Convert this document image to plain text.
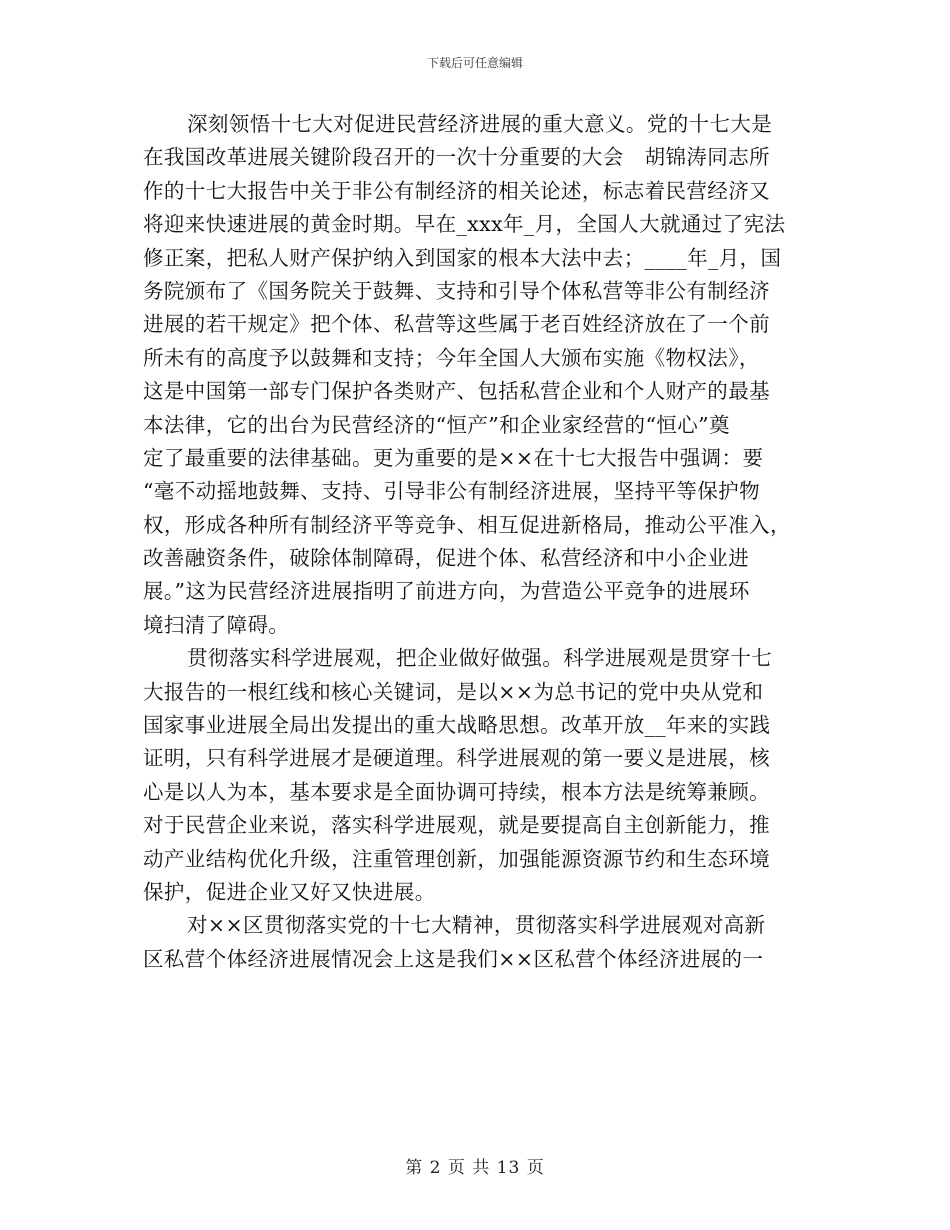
下载后可任意编辑
深刻领悟十七大对促进民营经济进展的重大意义。党的十七大是
在我国改革进展关键阶段召开的一次十分重要的大会　胡锦涛同志所
作的十七大报告中关于非公有制经济的相关论述，标志着民营经济又
将迎来快速进展的黄金时期。早在_xxx年_月，全国人大就通过了宪法
修正案，把私人财产保护纳入到国家的根本大法中去；____年_月，国
务院颁布了《国务院关于鼓舞、支持和引导个体私营等非公有制经济
进展的若干规定》把个体、私营等这些属于老百姓经济放在了一个前
所未有的高度予以鼓舞和支持；今年全国人大颁布实施《物权法》，
这是中国第一部专门保护各类财产、包括私营企业和个人财产的最基
本法律，它的出台为民营经济的“恒产”和企业家经营的“恒心”奠
定了最重要的法律基础。更为重要的是××在十七大报告中强调：要
“毫不动摇地鼓舞、支持、引导非公有制经济进展，坚持平等保护物
权，形成各种所有制经济平等竞争、相互促进新格局，推动公平准入，
改善融资条件，破除体制障碍，促进个体、私营经济和中小企业进
展。”这为民营经济进展指明了前进方向，为营造公平竞争的进展环
境扫清了障碍。
贯彻落实科学进展观，把企业做好做强。科学进展观是贯穿十七
大报告的一根红线和核心关键词，是以××为总书记的党中央从党和
国家事业进展全局出发提出的重大战略思想。改革开放__年来的实践
证明，只有科学进展才是硬道理。科学进展观的第一要义是进展，核
心是以人为本，基本要求是全面协调可持续，根本方法是统筹兼顾。
对于民营企业来说，落实科学进展观，就是要提高自主创新能力，推
动产业结构优化升级，注重管理创新，加强能源资源节约和生态环境
保护，促进企业又好又快进展。
对××区贯彻落实党的十七大精神，贯彻落实科学进展观对高新
区私营个体经济进展情况会上这是我们××区私营个体经济进展的一
第 2 页 共 13 页
